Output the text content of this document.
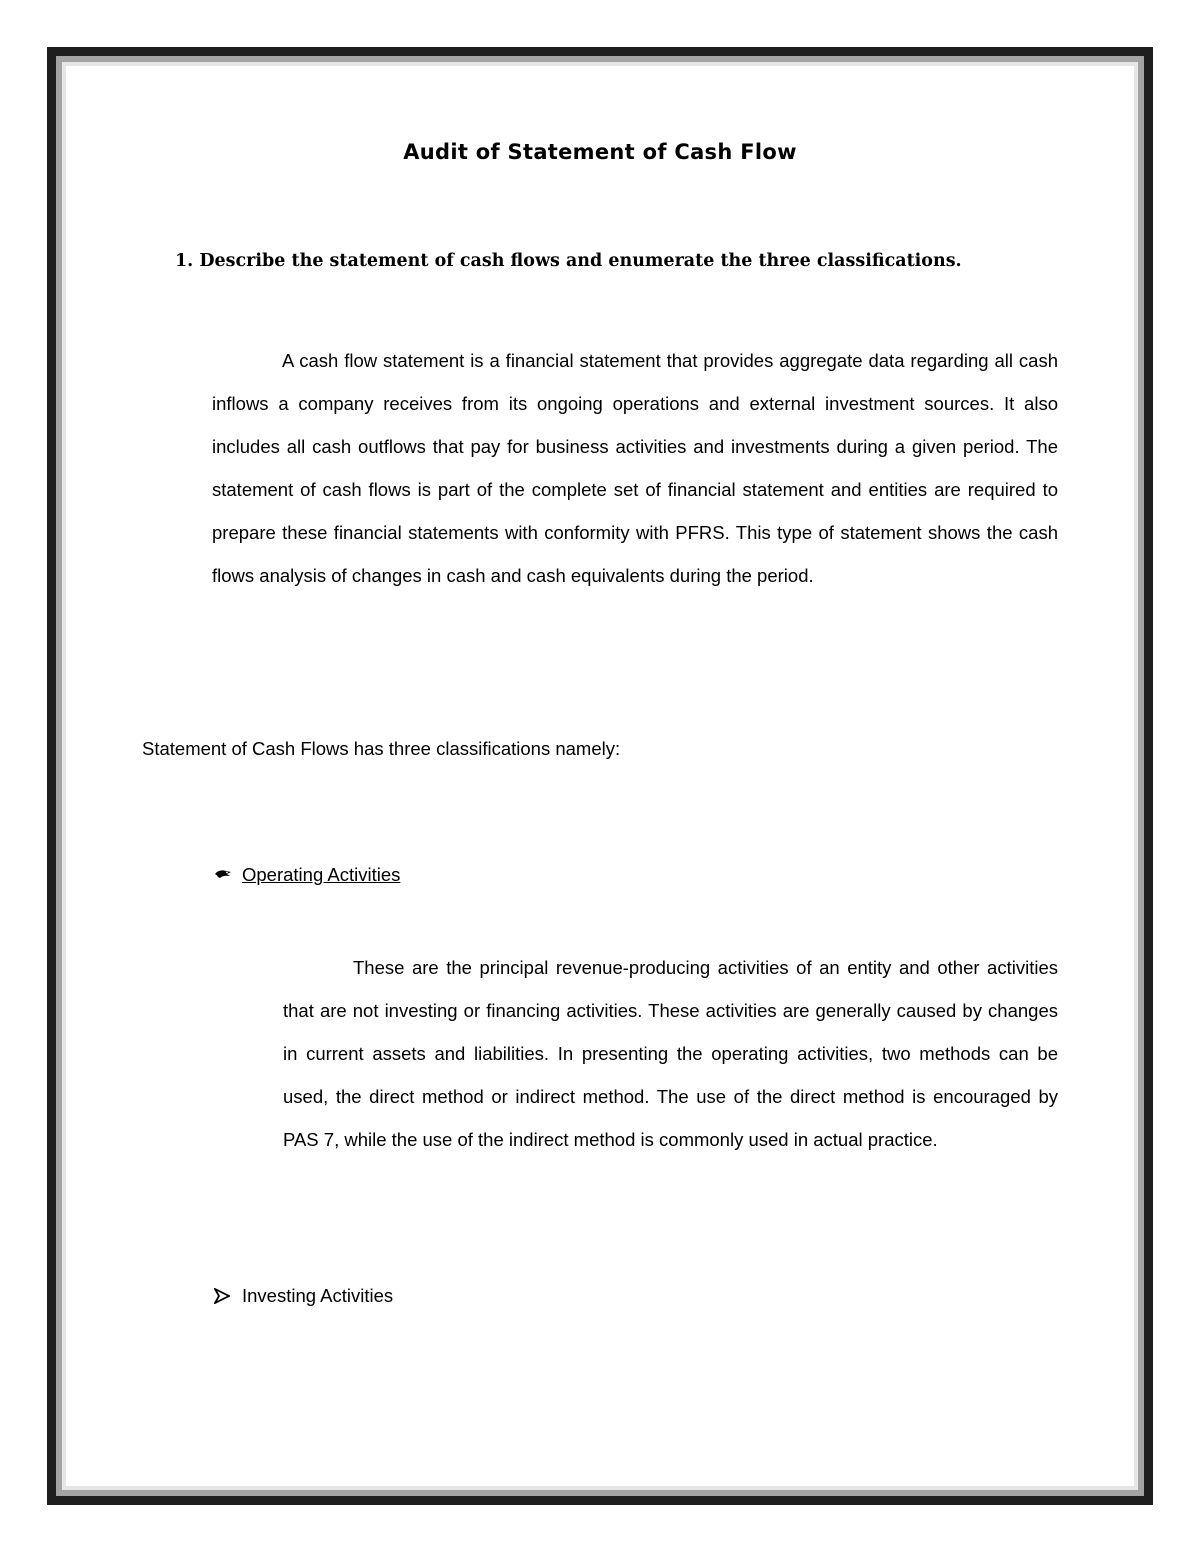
Audit of Statement of Cash Flow
1. Describe the statement of cash flows and enumerate the three classifications.

A cash flow statement is a financial statement that provides aggregate data regarding all cash inflows a company receives from its ongoing operations and external investment sources. It also includes all cash outflows that pay for business activities and investments during a given period. The statement of cash flows is part of the complete set of financial statement and entities are required to prepare these financial statements with conformity with PFRS. This type of statement shows the cash flows analysis of changes in cash and cash equivalents during the period.

Statement of Cash Flows has three classifications namely:
Operating Activities

These are the principal revenue-producing activities of an entity and other activities that are not investing or financing activities. These activities are generally caused by changes in current assets and liabilities. In presenting the operating activities, two methods can be used, the direct method or indirect method. The use of the direct method is encouraged by PAS 7, while the use of the indirect method is commonly used in actual practice.

Investing Activities
